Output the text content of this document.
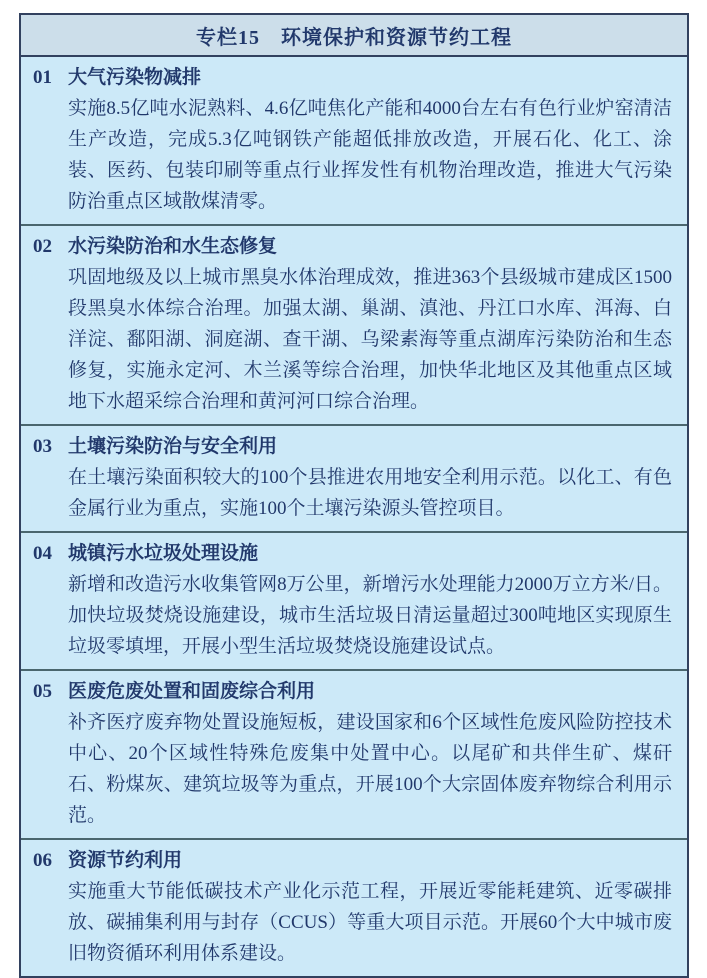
专栏15　环境保护和资源节约工程
01 大气污染物减排

实施8.5亿吨水泥熟料、4.6亿吨焦化产能和4000台左右有色行业炉窑清洁生产改造，完成5.3亿吨钢铁产能超低排放改造，开展石化、化工、涂装、医药、包装印刷等重点行业挥发性有机物治理改造，推进大气污染防治重点区域散煤清零。

02 水污染防治和水生态修复

巩固地级及以上城市黑臭水体治理成效，推进363个县级城市建成区1500段黑臭水体综合治理。加强太湖、巢湖、滇池、丹江口水库、洱海、白洋淀、鄱阳湖、洞庭湖、查干湖、乌梁素海等重点湖库污染防治和生态修复，实施永定河、木兰溪等综合治理，加快华北地区及其他重点区域地下水超采综合治理和黄河河口综合治理。

03 土壤污染防治与安全利用

在土壤污染面积较大的100个县推进农用地安全利用示范。以化工、有色金属行业为重点，实施100个土壤污染源头管控项目。

04 城镇污水垃圾处理设施

新增和改造污水收集管网8万公里，新增污水处理能力2000万立方米/日。加快垃圾焚烧设施建设，城市生活垃圾日清运量超过300吨地区实现原生垃圾零填埋，开展小型生活垃圾焚烧设施建设试点。

05 医废危废处置和固废综合利用

补齐医疗废弃物处置设施短板，建设国家和6个区域性危废风险防控技术中心、20个区域性特殊危废集中处置中心。以尾矿和共伴生矿、煤矸石、粉煤灰、建筑垃圾等为重点，开展100个大宗固体废弃物综合利用示范。

06 资源节约利用

实施重大节能低碳技术产业化示范工程，开展近零能耗建筑、近零碳排放、碳捕集利用与封存（CCUS）等重大项目示范。开展60个大中城市废旧物资循环利用体系建设。
